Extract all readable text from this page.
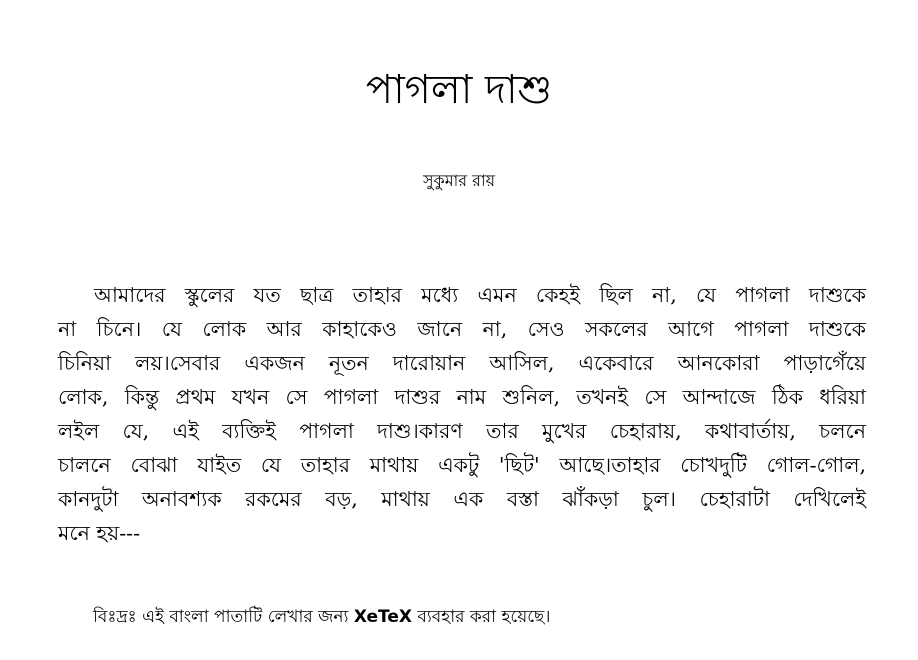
পাগলা দাশু
সুকুমার রায়
আমাদের স্কুলের যত ছাত্র তাহার মধ্যে এমন কেহই ছিল না, যে পাগলা দাশুকে
না চিনে। যে লোক আর কাহাকেও জানে না, সেও সকলের আগে পাগলা দাশুকে
চিনিয়া লয়।সেবার একজন নূতন দারোয়ান আসিল, একেবারে আনকোরা পাড়াগেঁয়ে
লোক, কিন্তু প্রথম যখন সে পাগলা দাশুর নাম শুনিল, তখনই সে আন্দাজে ঠিক ধরিয়া
লইল যে, এই ব্যক্তিই পাগলা দাশু।কারণ তার মুখের চেহারায়, কথাবার্তায়, চলনে
চালনে বোঝা যাইত যে তাহার মাথায় একটু 'ছিট' আছে।তাহার চোখদুটি গোল-গোল,
কানদুটা অনাবশ্যক রকমের বড়, মাথায় এক বস্তা ঝাঁকড়া চুল। চেহারাটা দেখিলেই
মনে হয়---
বিঃদ্রঃ এই বাংলা পাতাটি লেখার জন্য XeTeX ব্যবহার করা হয়েছে।
